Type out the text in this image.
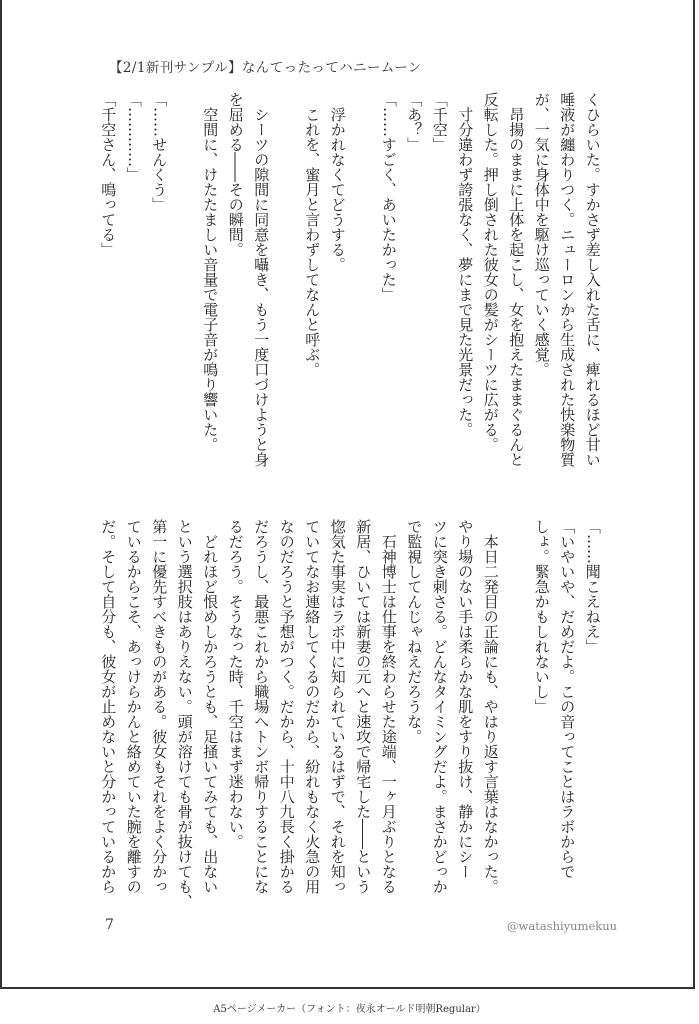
【2/1新刊サンプル】なんてったってハニームーン
くひらいた。すかさず差し入れた舌に、痺れるほど甘い
唾液が纏わりつく。ニューロンから生成された快楽物質
が、一気に身体中を駆け巡っていく感覚。
　昂揚のままに上体を起こし、女を抱えたままぐるんと
反転した。押し倒された彼女の髪がシーツに広がる。
　寸分違わず誇張なく、夢にまで見た光景だった。
「千空」
「あ？」
「……すごく、あいたかった」
　浮かれなくてどうする。
　これを、蜜月と言わずしてなんと呼ぶ。
　シーツの隙間に同意を囁き、もう一度口づけようと身
を屈める――その瞬間。
　空間に、けたたましい音量で電子音が鳴り響いた。
「……せんくう」
「…………」
「千空さん、鳴ってる」
「……聞こえねえ」
「いやいや、だめだよ。この音ってことはラボからで
しょ。緊急かもしれないし」
　本日二発目の正論にも、やはり返す言葉はなかった。
やり場のない手は柔らかな肌をすり抜け、静かにシー
ツに突き刺さる。どんなタイミングだよ。まさかどっか
で監視してんじゃねえだろうな。
　石神博士は仕事を終わらせた途端、一ヶ月ぶりとなる
新居、ひいては新妻の元へと速攻で帰宅した――という
惚気た事実はラボ中に知られているはずで、それを知っ
ていてなお連絡してくるのだから、紛れもなく火急の用
なのだろうと予想がつく。だから、十中八九長く掛かる
だろうし、最悪これから職場へトンボ帰りすることにな
るだろう。そうなった時、千空はまず迷わない。
　どれほど恨めしかろうとも、足掻いてみても、出ない
という選択肢はありえない。頭が溶けても骨が抜けても、
第一に優先すべきものがある。彼女もそれをよく分かっ
ているからこそ、あっけらかんと絡めていた腕を離すの
だ。そして自分も、彼女が止めないと分かっているから
7	@watashiyumekuu
A5ページメーカー（フォント：夜永オールド明朝Regular）
